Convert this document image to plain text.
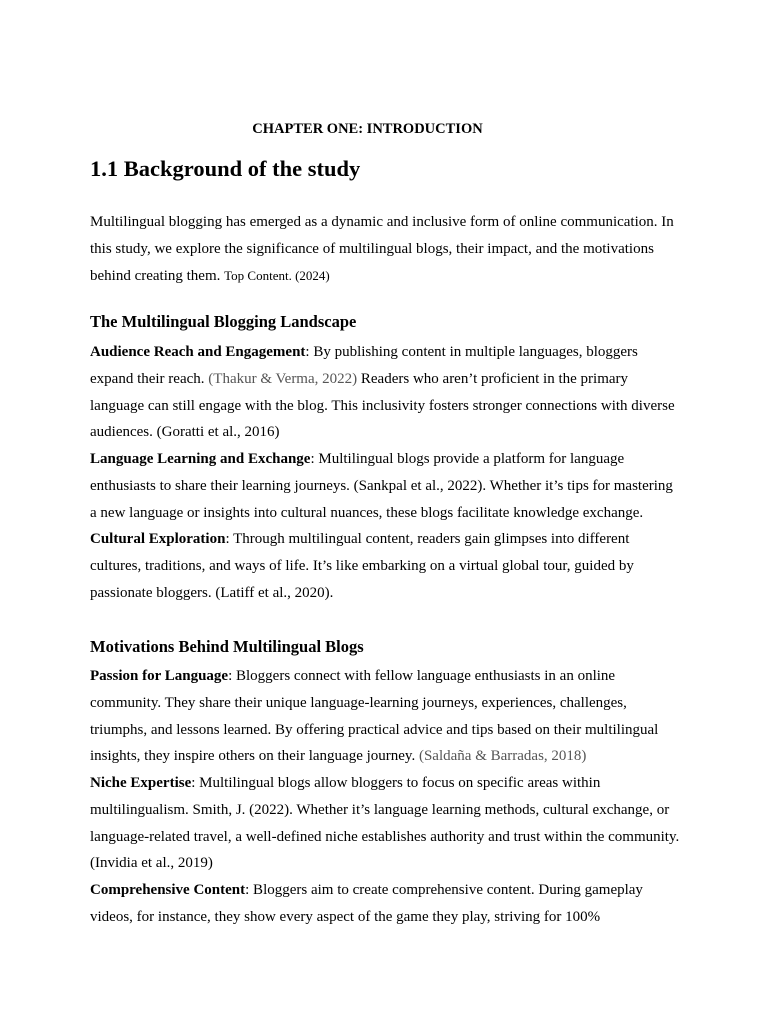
CHAPTER ONE: INTRODUCTION

1.1 Background of the study

Multilingual blogging has emerged as a dynamic and inclusive form of online communication. In this study, we explore the significance of multilingual blogs, their impact, and the motivations behind creating them. Top Content. (2024)

The Multilingual Blogging Landscape

Audience Reach and Engagement: By publishing content in multiple languages, bloggers expand their reach. (Thakur & Verma, 2022) Readers who aren’t proficient in the primary language can still engage with the blog. This inclusivity fosters stronger connections with diverse audiences. (Goratti et al., 2016)

Language Learning and Exchange: Multilingual blogs provide a platform for language enthusiasts to share their learning journeys. (Sankpal et al., 2022). Whether it’s tips for mastering a new language or insights into cultural nuances, these blogs facilitate knowledge exchange.

Cultural Exploration: Through multilingual content, readers gain glimpses into different cultures, traditions, and ways of life. It’s like embarking on a virtual global tour, guided by passionate bloggers. (Latiff et al., 2020).

Motivations Behind Multilingual Blogs

Passion for Language: Bloggers connect with fellow language enthusiasts in an online community. They share their unique language-learning journeys, experiences, challenges, triumphs, and lessons learned. By offering practical advice and tips based on their multilingual insights, they inspire others on their language journey. (Saldaña & Barradas, 2018)

Niche Expertise: Multilingual blogs allow bloggers to focus on specific areas within multilingualism. Smith, J. (2022). Whether it’s language learning methods, cultural exchange, or language-related travel, a well-defined niche establishes authority and trust within the community. (Invidia et al., 2019)

Comprehensive Content: Bloggers aim to create comprehensive content. During gameplay videos, for instance, they show every aspect of the game they play, striving for 100%
